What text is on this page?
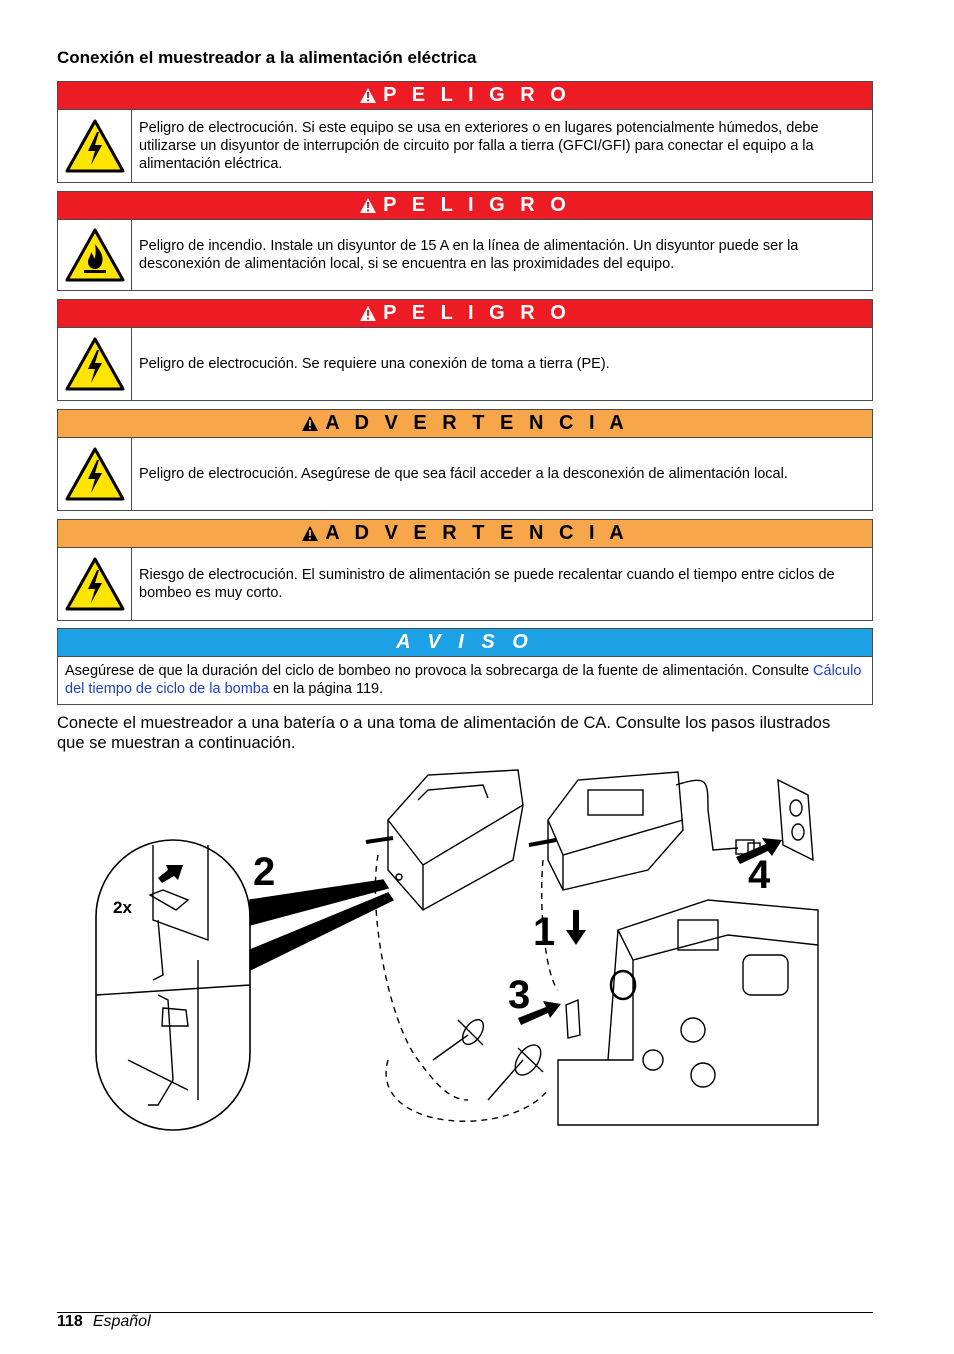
Conexión el muestreador a la alimentación eléctrica
P E L I G R O
Peligro de electrocución. Si este equipo se usa en exteriores o en lugares potencialmente húmedos, debe utilizarse un disyuntor de interrupción de circuito por falla a tierra (GFCI/GFI) para conectar el equipo a la alimentación eléctrica.
P E L I G R O
Peligro de incendio. Instale un disyuntor de 15 A en la línea de alimentación. Un disyuntor puede ser la desconexión de alimentación local, si se encuentra en las proximidades del equipo.
P E L I G R O
Peligro de electrocución. Se requiere una conexión de toma a tierra (PE).
A D V E R T E N C I A
Peligro de electrocución. Asegúrese de que sea fácil acceder a la desconexión de alimentación local.
A D V E R T E N C I A
Riesgo de electrocución. El suministro de alimentación se puede recalentar cuando el tiempo entre ciclos de bombeo es muy corto.
A V I S O
Asegúrese de que la duración del ciclo de bombeo no provoca la sobrecarga de la fuente de alimentación. Consulte Cálculo del tiempo de ciclo de la bomba en la página 119.
Conecte el muestreador a una batería o a una toma de alimentación de CA. Consulte los pasos ilustrados que se muestran a continuación.
2
1
3
4
2x
118 Español
